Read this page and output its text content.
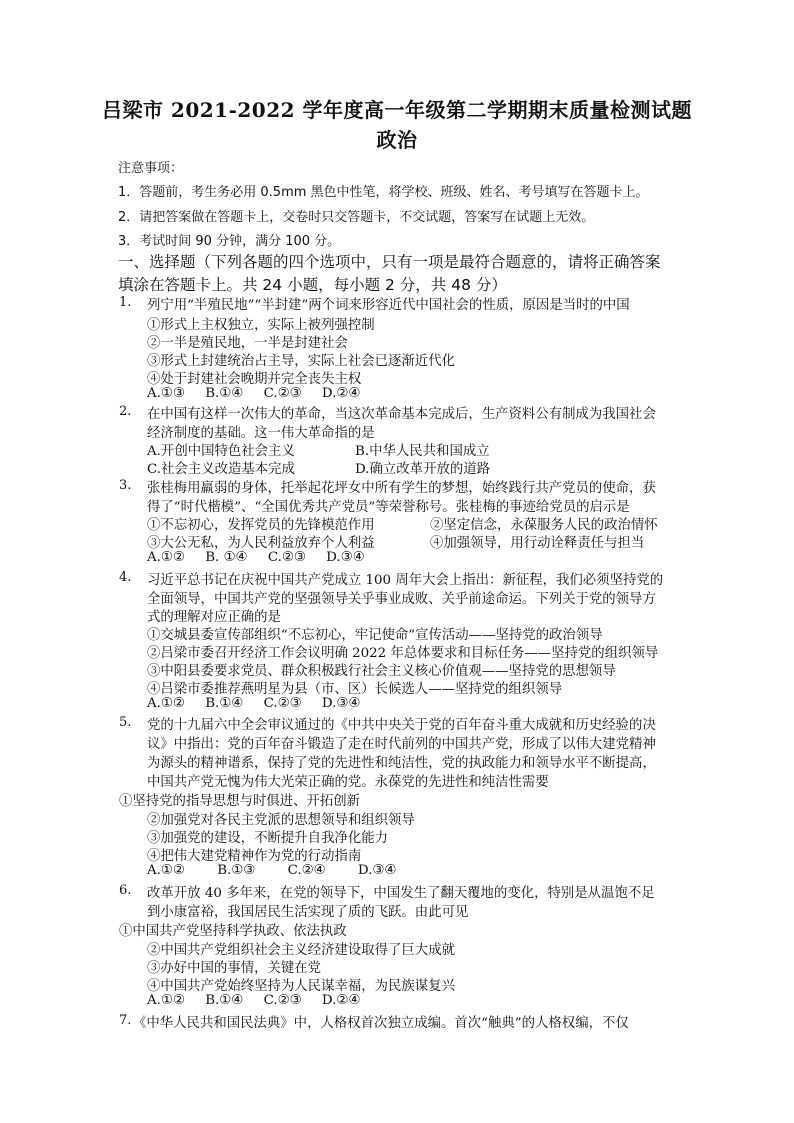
吕梁市 2021-2022 学年度高一年级第二学期期末质量检测试题
政治
注意事项：
1．答题前，考生务必用 0.5mm 黑色中性笔，将学校、班级、姓名、考号填写在答题卡上。
2．请把答案做在答题卡上，交卷时只交答题卡，不交试题，答案写在试题上无效。
3．考试时间 90 分钟，满分 100 分。
一、选择题（下列各题的四个选项中，只有一项是最符合题意的，请将正确答案
填涂在答题卡上。共 24 小题，每小题 2 分，共 48 分）
1. 列宁用“半殖民地”“半封建”两个词来形容近代中国社会的性质，原因是当时的中国
①形式上主权独立，实际上被列强控制
②一半是殖民地，一半是封建社会
③形式上封建统治占主导，实际上社会已逐渐近代化
④处于封建社会晚期并完全丧失主权
A.①③ B.①④ C.②③ D.②④
2. 在中国有这样一次伟大的革命，当这次革命基本完成后，生产资料公有制成为我国社会
经济制度的基础。这一伟大革命指的是
A.开创中国特色社会主义	B.中华人民共和国成立
C.社会主义改造基本完成	D.确立改革开放的道路
3. 张桂梅用羸弱的身体，托举起花坪女中所有学生的梦想，始终践行共产党员的使命，获
得了“时代楷模”、“全国优秀共产党员”等荣誉称号。张桂梅的事迹给党员的启示是
①不忘初心，发挥党员的先锋模范作用	②坚定信念，永葆服务人民的政治情怀
③大公无私，为人民利益放弃个人利益	④加强领导，用行动诠释责任与担当
A.①② B. ①④ C.②③ D.③④
4. 习近平总书记在庆祝中国共产党成立 100 周年大会上指出：新征程，我们必须坚持党的
全面领导，中国共产党的坚强领导关乎事业成败、关乎前途命运。下列关于党的领导方
式的理解对应正确的是
①交城县委宣传部组织“不忘初心，牢记使命”宣传活动——坚持党的政治领导
②吕梁市委召开经济工作会议明确 2022 年总体要求和目标任务——坚持党的组织领导
③中阳县委要求党员、群众积极践行社会主义核心价值观——坚持党的思想领导
④吕梁市委推荐燕明星为县（市、区）长候选人——坚持党的组织领导
A.①② B.①④ C.②③ D.③④
5. 党的十九届六中全会审议通过的《中共中央关于党的百年奋斗重大成就和历史经验的决
议》中指出：党的百年奋斗锻造了走在时代前列的中国共产党，形成了以伟大建党精神
为源头的精神谱系，保持了党的先进性和纯洁性，党的执政能力和领导水平不断提高，
中国共产党无愧为伟大光荣正确的党。永葆党的先进性和纯洁性需要
①坚持党的指导思想与时俱进、开拓创新
②加强党对各民主党派的思想领导和组织领导
③加强党的建设，不断提升自我净化能力
④把伟大建党精神作为党的行动指南
A.①② B.①③ C.②④ D.③④
6. 改革开放 40 多年来，在党的领导下，中国发生了翻天覆地的变化，特别是从温饱不足
到小康富裕，我国居民生活实现了质的飞跃。由此可见
①中国共产党坚持科学执政、依法执政
②中国共产党组织社会主义经济建设取得了巨大成就
③办好中国的事情，关键在党
④中国共产党始终坚持为人民谋幸福，为民族谋复兴
A.①② B.①④ C.②③ D.②④
7. 《中华人民共和国民法典》中，人格权首次独立成编。首次“触典”的人格权编，不仅
